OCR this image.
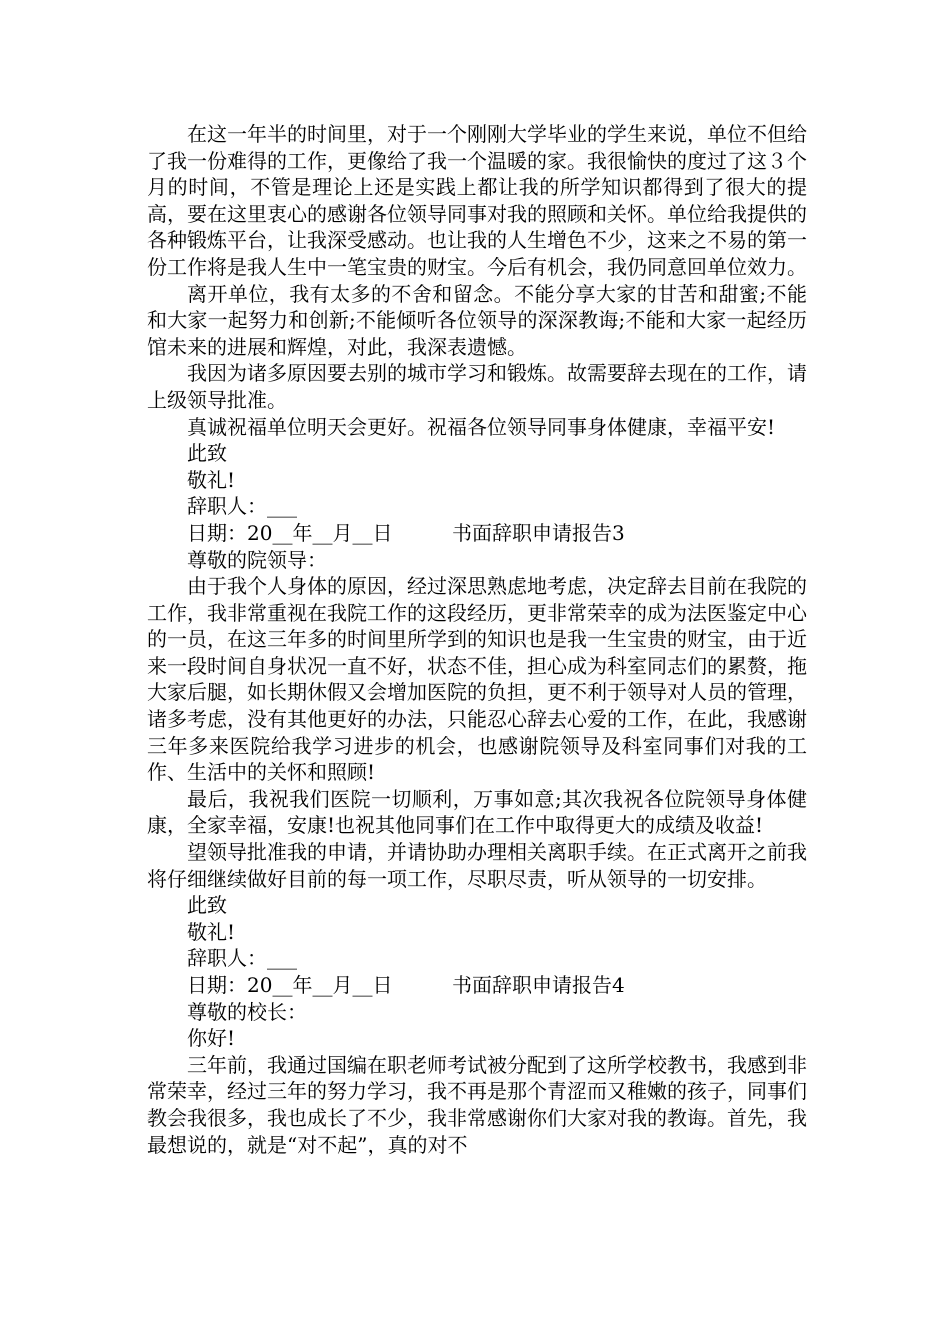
在这一年半的时间里，对于一个刚刚大学毕业的学生来说，单位不但给了我一份难得的工作，更像给了我一个温暖的家。我很愉快的度过了这３个月的时间，不管是理论上还是实践上都让我的所学知识都得到了很大的提高，要在这里衷心的感谢各位领导同事对我的照顾和关怀。单位给我提供的各种锻炼平台，让我深受感动。也让我的人生增色不少，这来之不易的第一份工作将是我人生中一笔宝贵的财宝。今后有机会，我仍同意回单位效力。

离开单位，我有太多的不舍和留念。不能分享大家的甘苦和甜蜜;不能和大家一起努力和创新;不能倾听各位领导的深深教诲;不能和大家一起经历馆未来的进展和辉煌，对此，我深表遗憾。

我因为诸多原因要去别的城市学习和锻炼。故需要辞去现在的工作，请上级领导批准。

真诚祝福单位明天会更好。祝福各位领导同事身体健康，幸福平安!

此致

敬礼!

辞职人：___

日期：20__年__月__日	书面辞职申请报告3

尊敬的院领导：

由于我个人身体的原因，经过深思熟虑地考虑，决定辞去目前在我院的工作，我非常重视在我院工作的这段经历，更非常荣幸的成为法医鉴定中心的一员，在这三年多的时间里所学到的知识也是我一生宝贵的财宝，由于近来一段时间自身状况一直不好，状态不佳，担心成为科室同志们的累赘，拖大家后腿，如长期休假又会增加医院的负担，更不利于领导对人员的管理，诸多考虑，没有其他更好的办法，只能忍心辞去心爱的工作，在此，我感谢三年多来医院给我学习进步的机会，也感谢院领导及科室同事们对我的工作、生活中的关怀和照顾!

最后，我祝我们医院一切顺利，万事如意;其次我祝各位院领导身体健康，全家幸福，安康!也祝其他同事们在工作中取得更大的成绩及收益!

望领导批准我的申请，并请协助办理相关离职手续。在正式离开之前我将仔细继续做好目前的每一项工作，尽职尽责，听从领导的一切安排。

此致

敬礼!

辞职人：___

日期：20__年__月__日	书面辞职申请报告4

尊敬的校长：

你好!

三年前，我通过国编在职老师考试被分配到了这所学校教书，我感到非常荣幸，经过三年的努力学习，我不再是那个青涩而又稚嫩的孩子，同事们教会我很多，我也成长了不少，我非常感谢你们大家对我的教诲。首先，我最想说的，就是“对不起”，真的对不
